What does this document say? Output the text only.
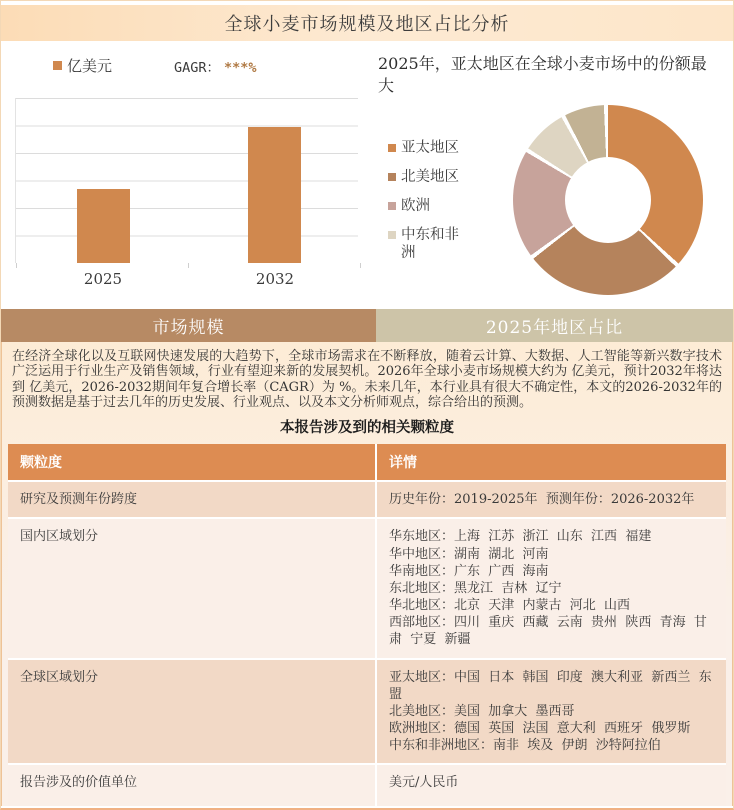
全球小麦市场规模及地区占比分析
亿美元	GAGR： ***%
2025	2032
2025年，亚太地区在全球小麦市场中的份额最大
亚太地区
北美地区
欧洲
中东和非洲
市场规模	2025年地区占比

在经济全球化以及互联网快速发展的大趋势下，全球市场需求在不断释放，随着云计算、大数据、人工智能等新兴数字技术广泛运用于行业生产及销售领域，行业有望迎来新的发展契机。2026年全球小麦市场规模大约为 亿美元，预计2032年将达到 亿美元，2026-2032期间年复合增长率（CAGR）为 %。未来几年，本行业具有很大不确定性，本文的2026-2032年的预测数据是基于过去几年的历史发展、行业观点、以及本文分析师观点，综合给出的预测。

本报告涉及到的相关颗粒度
颗粒度	详情
研究及预测年份跨度	历史年份：2019-2025年  预测年份：2026-2032年
国内区域划分	华东地区：上海  江苏  浙江  山东  江西  福建
华中地区：湖南  湖北  河南
华南地区：广东  广西  海南
东北地区：黑龙江  吉林  辽宁
华北地区：北京  天津  内蒙古  河北  山西
西部地区：四川  重庆  西藏  云南  贵州  陕西  青海  甘肃  宁夏  新疆
全球区域划分	亚太地区：中国  日本  韩国  印度  澳大利亚  新西兰  东盟
北美地区：美国  加拿大  墨西哥
欧洲地区：德国  英国  法国  意大利  西班牙  俄罗斯
中东和非洲地区：南非  埃及  伊朗  沙特阿拉伯
报告涉及的价值单位	美元/人民币
